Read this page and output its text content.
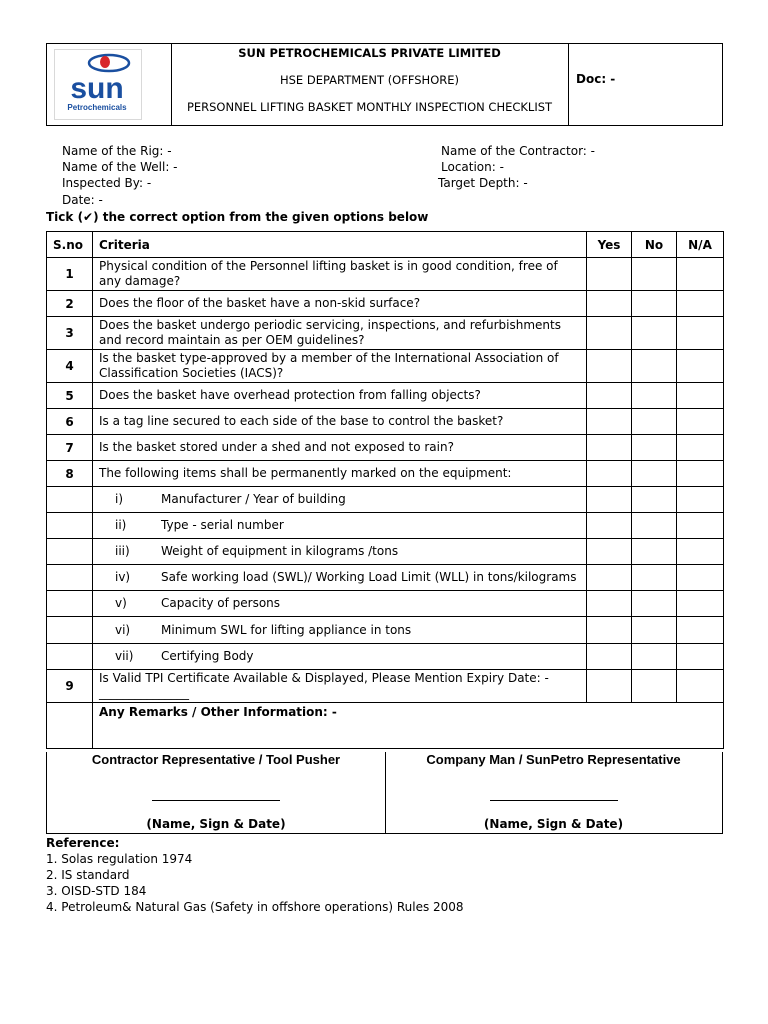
sun
Petrochemicals
SUN PETROCHEMICALS PRIVATE LIMITED
HSE DEPARTMENT (OFFSHORE)
PERSONNEL LIFTING BASKET MONTHLY INSPECTION CHECKLIST
Doc: -
Name of the Rig: -
Name of the Well: -
Inspected By: -
Date: -
Name of the Contractor: -
Location: -
Target Depth: -
Tick (✔) the correct option from the given options below
S.no	Criteria	Yes	No	N/A
1	Physical condition of the Personnel lifting basket is in good condition, free of any damage?			
2	Does the floor of the basket have a non-skid surface?			
3	Does the basket undergo periodic servicing, inspections, and refurbishments and record maintain as per OEM guidelines?			
4	Is the basket type-approved by a member of the International Association of Classification Societies (IACS)?			
5	Does the basket have overhead protection from falling objects?			
6	Is a tag line secured to each side of the base to control the basket?			
7	Is the basket stored under a shed and not exposed to rain?			
8	The following items shall be permanently marked on the equipment:			
	i) Manufacturer / Year of building			
	ii) Type - serial number			
	iii) Weight of equipment in kilograms /tons			
	iv) Safe working load (SWL)/ Working Load Limit (WLL) in tons/kilograms			
	v) Capacity of persons			
	vi) Minimum SWL for lifting appliance in tons			
	vii) Certifying Body			
9	Is Valid TPI Certificate Available & Displayed, Please Mention Expiry Date: -
_______________			

	Any Remarks / Other Information: -			
Contractor Representative / Tool Pusher
(Name, Sign & Date)
Company Man / SunPetro Representative
(Name, Sign & Date)
Reference:
1. Solas regulation 1974
2. IS standard
3. OISD-STD 184
4. Petroleum& Natural Gas (Safety in offshore operations) Rules 2008
